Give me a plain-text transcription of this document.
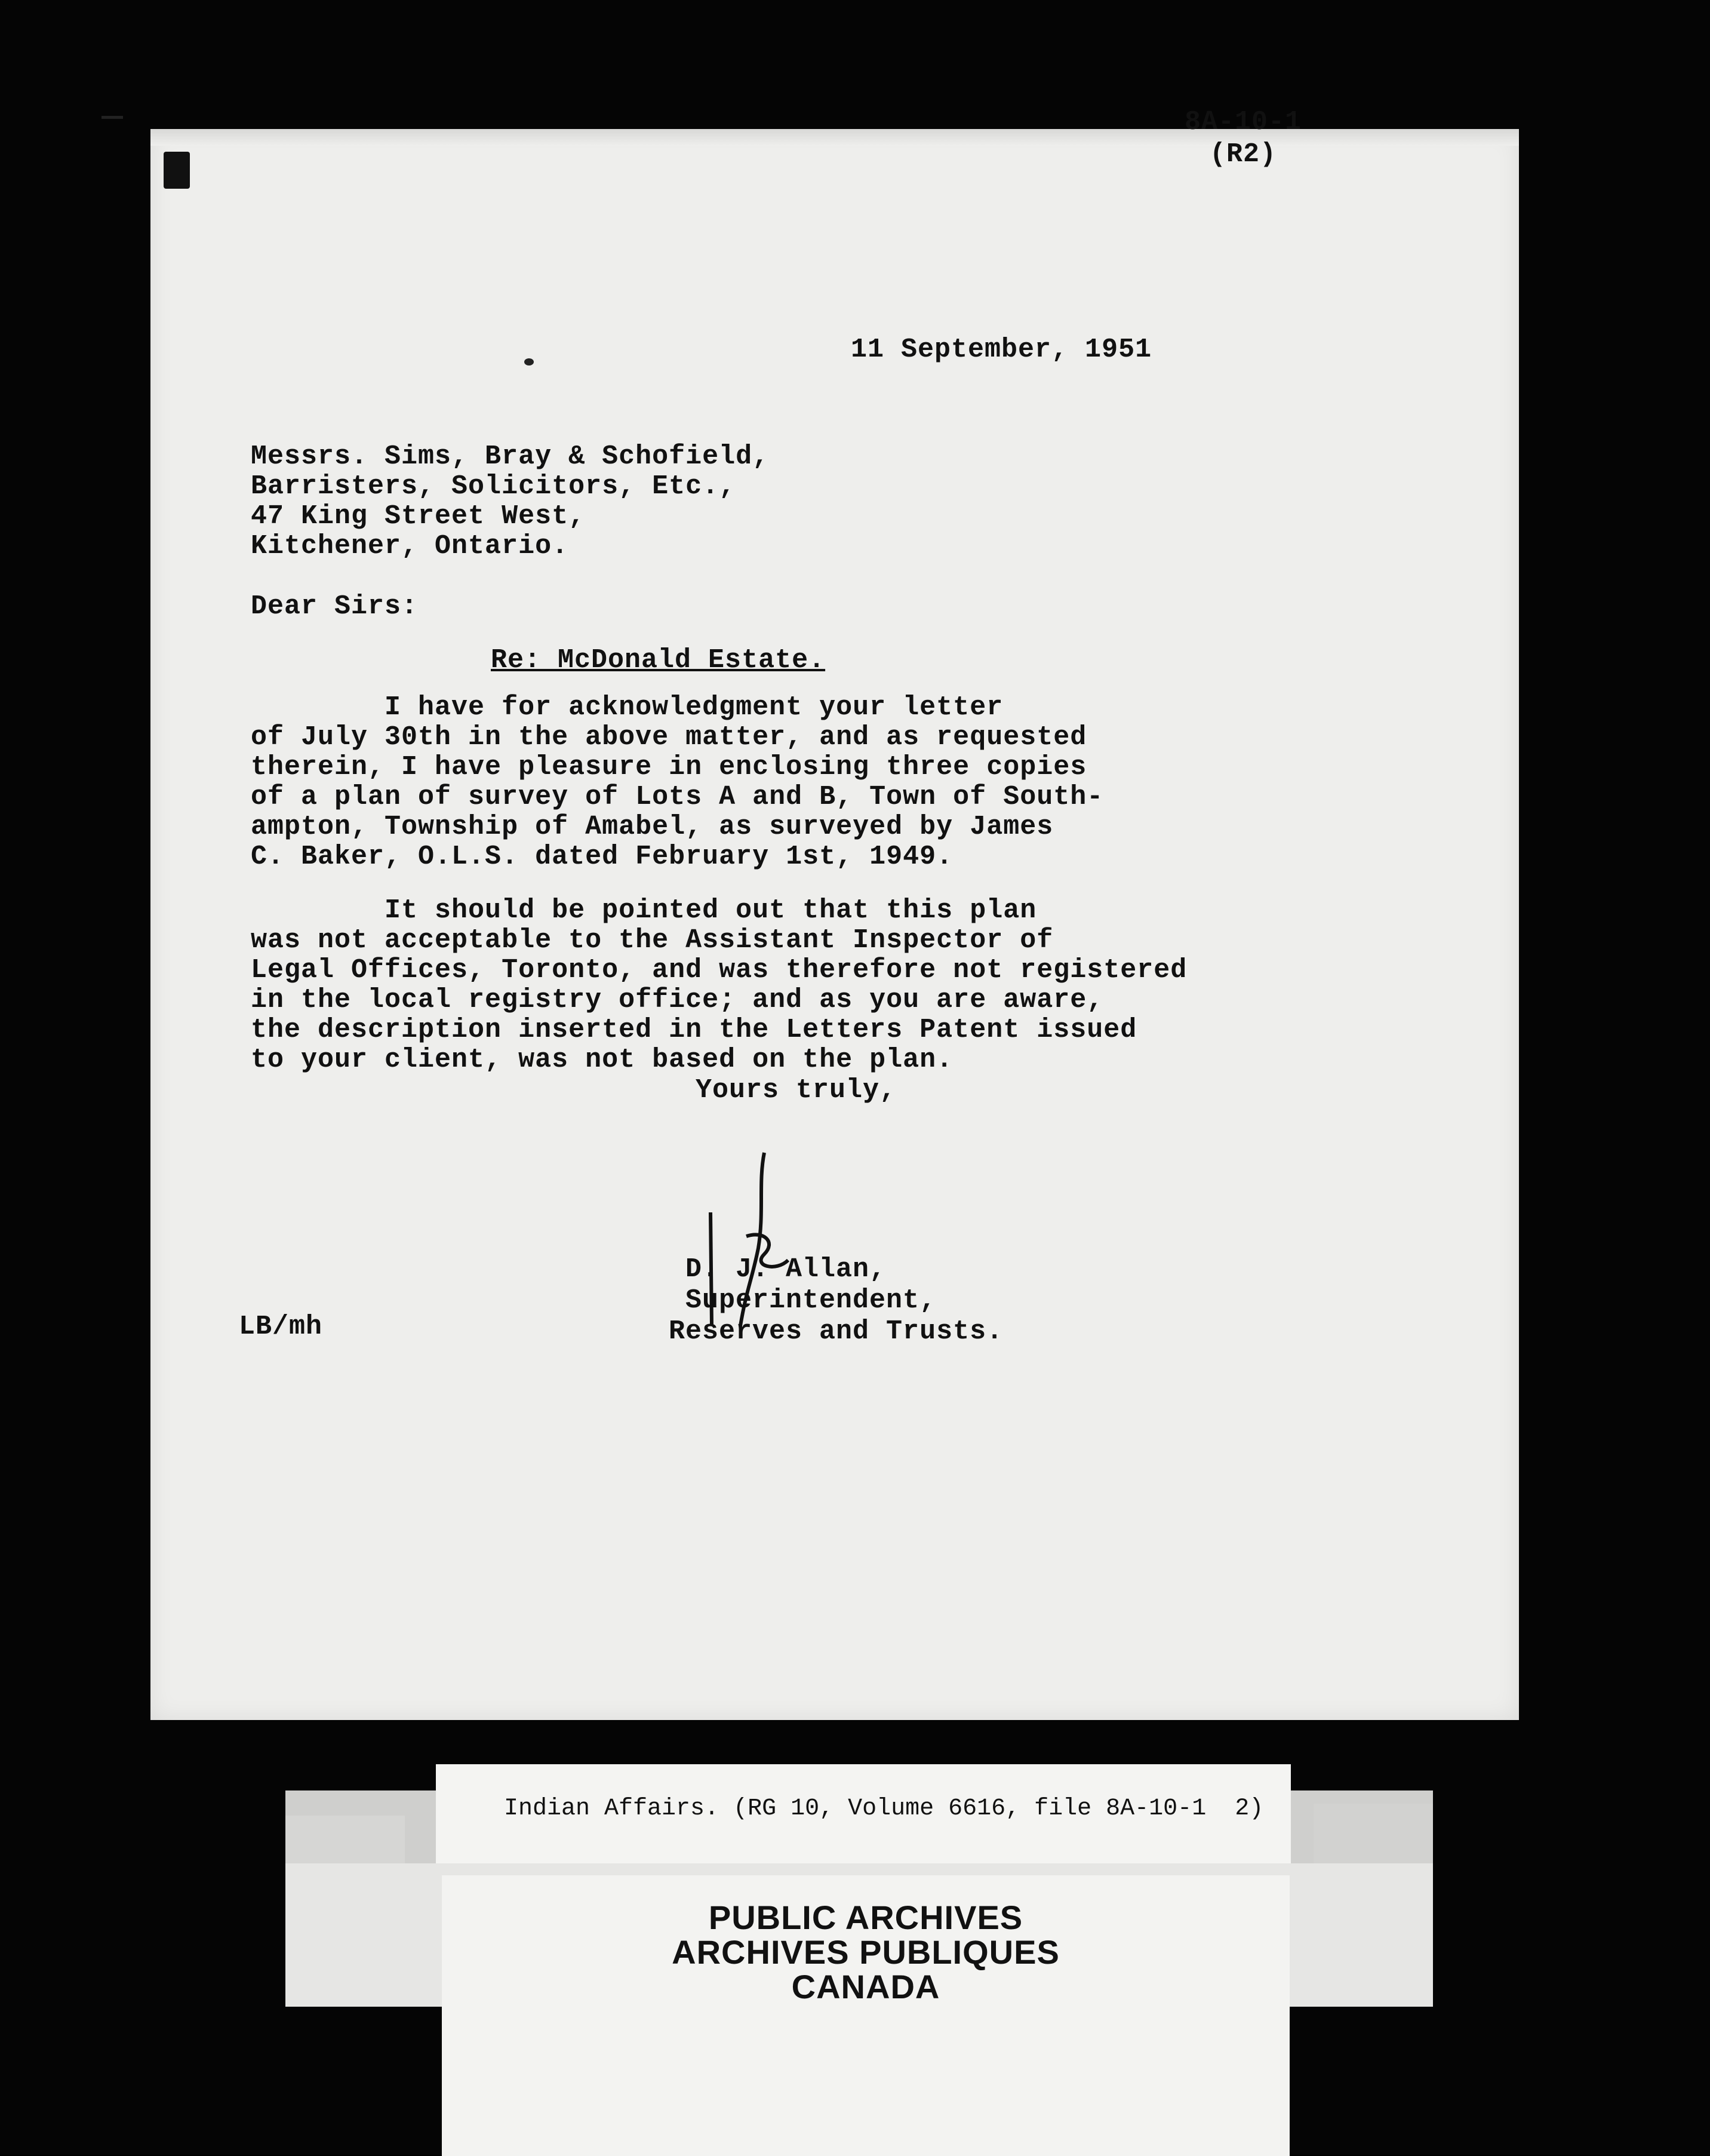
8A-10-1
(R2)

11 September, 1951

Messrs. Sims, Bray & Schofield,
Barristers, Solicitors, Etc.,
47 King Street West,
Kitchener, Ontario.

Dear Sirs:

Re: McDonald Estate.

I have for acknowledgment your letter
of July 30th in the above matter, and as requested
therein, I have pleasure in enclosing three copies
of a plan of survey of Lots A and B, Town of South-
ampton, Township of Amabel, as surveyed by James
C. Baker, O.L.S. dated February 1st, 1949.

It should be pointed out that this plan
was not acceptable to the Assistant Inspector of
Legal Offices, Toronto, and was therefore not registered
in the local registry office; and as you are aware,
the description inserted in the Letters Patent issued
to your client, was not based on the plan.

Yours truly,

D. J. Allan,
Superintendent,
Reserves and Trusts.

LB/mh

Indian Affairs. (RG 10, Volume 6616, file 8A-10-1  2)
PUBLIC ARCHIVES
ARCHIVES PUBLIQUES
CANADA
